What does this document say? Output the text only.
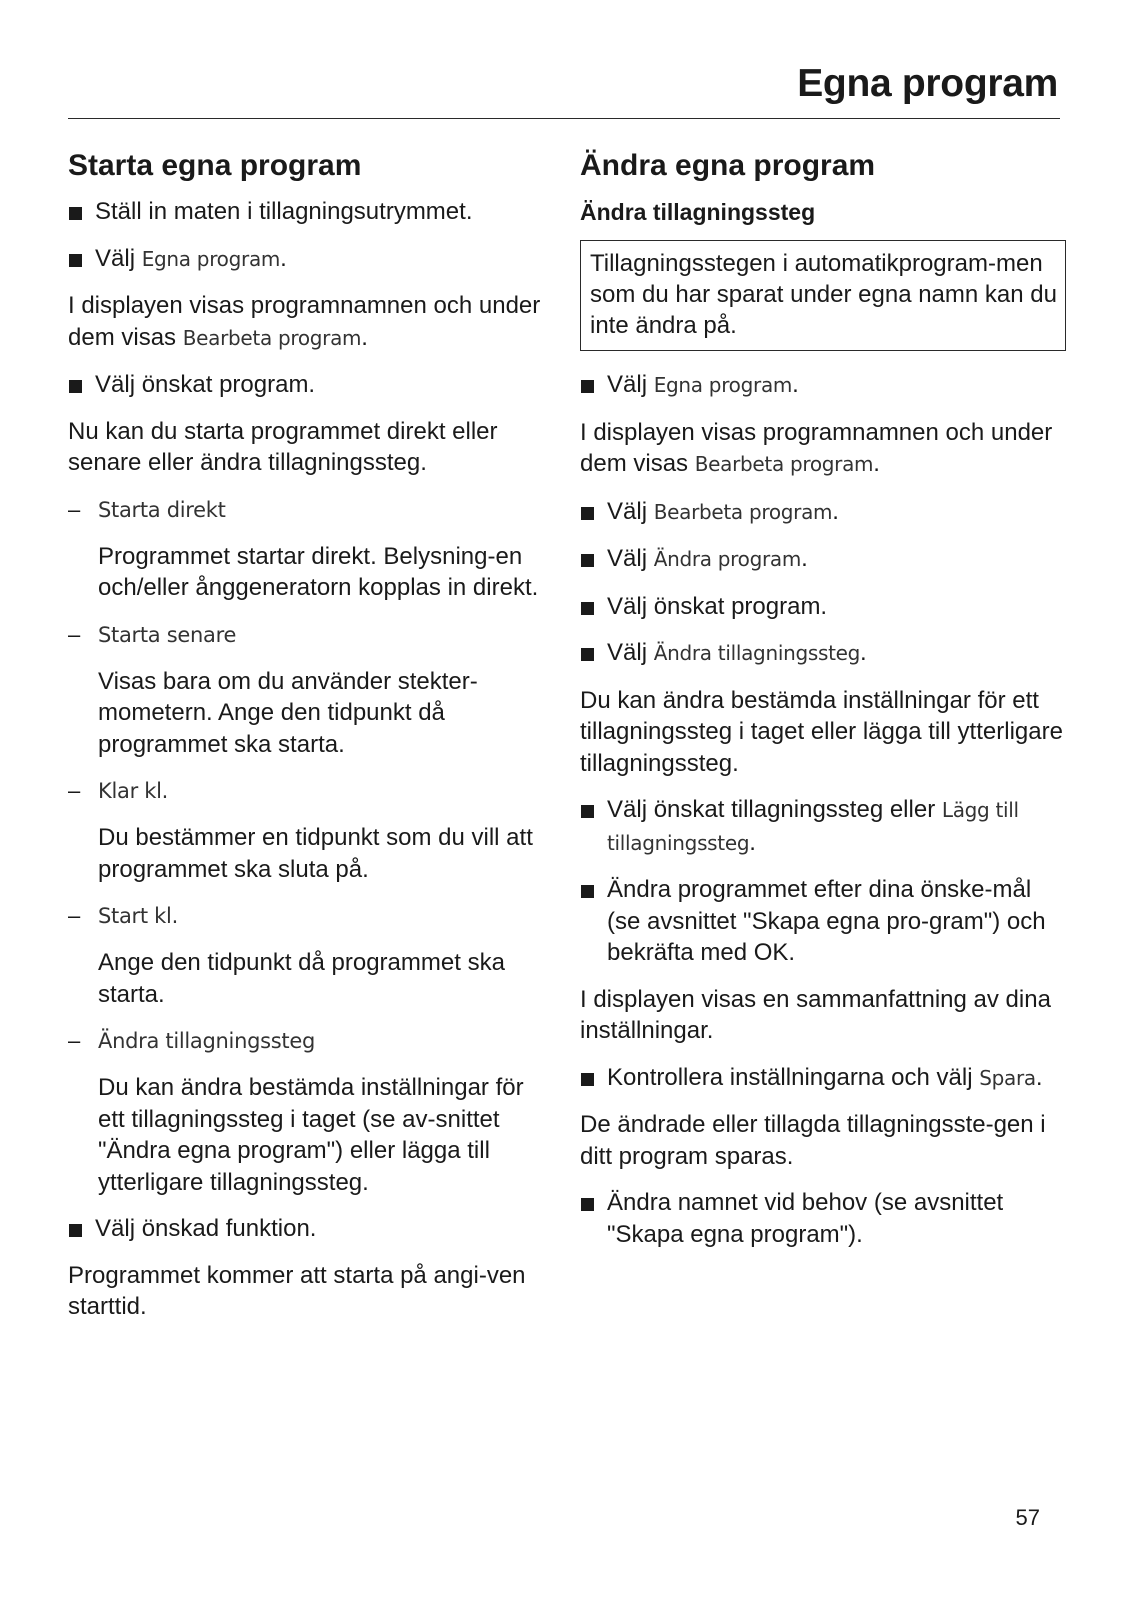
Egna program
Starta egna program
Ställ in maten i tillagningsutrymmet.
Välj Egna program.
I displayen visas programnamnen och under dem visas Bearbeta program.
Välj önskat program.
Nu kan du starta programmet direkt eller senare eller ändra tillagningssteg.
– Starta direkt
Programmet startar direkt. Belysning-en och/eller ånggeneratorn kopplas in direkt.
– Starta senare
Visas bara om du använder stekter-mometern. Ange den tidpunkt då programmet ska starta.
– Klar kl.
Du bestämmer en tidpunkt som du vill att programmet ska sluta på.
– Start kl.
Ange den tidpunkt då programmet ska starta.
– Ändra tillagningssteg
Du kan ändra bestämda inställningar för ett tillagningssteg i taget (se av-snittet "Ändra egna program") eller lägga till ytterligare tillagningssteg.
Välj önskad funktion.
Programmet kommer att starta på angi-ven starttid.
Ändra egna program
Ändra tillagningssteg
Tillagningsstegen i automatikprogram-men som du har sparat under egna namn kan du inte ändra på.
Välj Egna program.
I displayen visas programnamnen och under dem visas Bearbeta program.
Välj Bearbeta program.
Välj Ändra program.
Välj önskat program.
Välj Ändra tillagningssteg.
Du kan ändra bestämda inställningar för ett tillagningssteg i taget eller lägga till ytterligare tillagningssteg.
Välj önskat tillagningssteg eller Lägg till tillagningssteg.
Ändra programmet efter dina önske-mål (se avsnittet "Skapa egna pro-gram") och bekräfta med OK.
I displayen visas en sammanfattning av dina inställningar.
Kontrollera inställningarna och välj Spara.
De ändrade eller tillagda tillagningsste-gen i ditt program sparas.
Ändra namnet vid behov (se avsnittet "Skapa egna program").
57
